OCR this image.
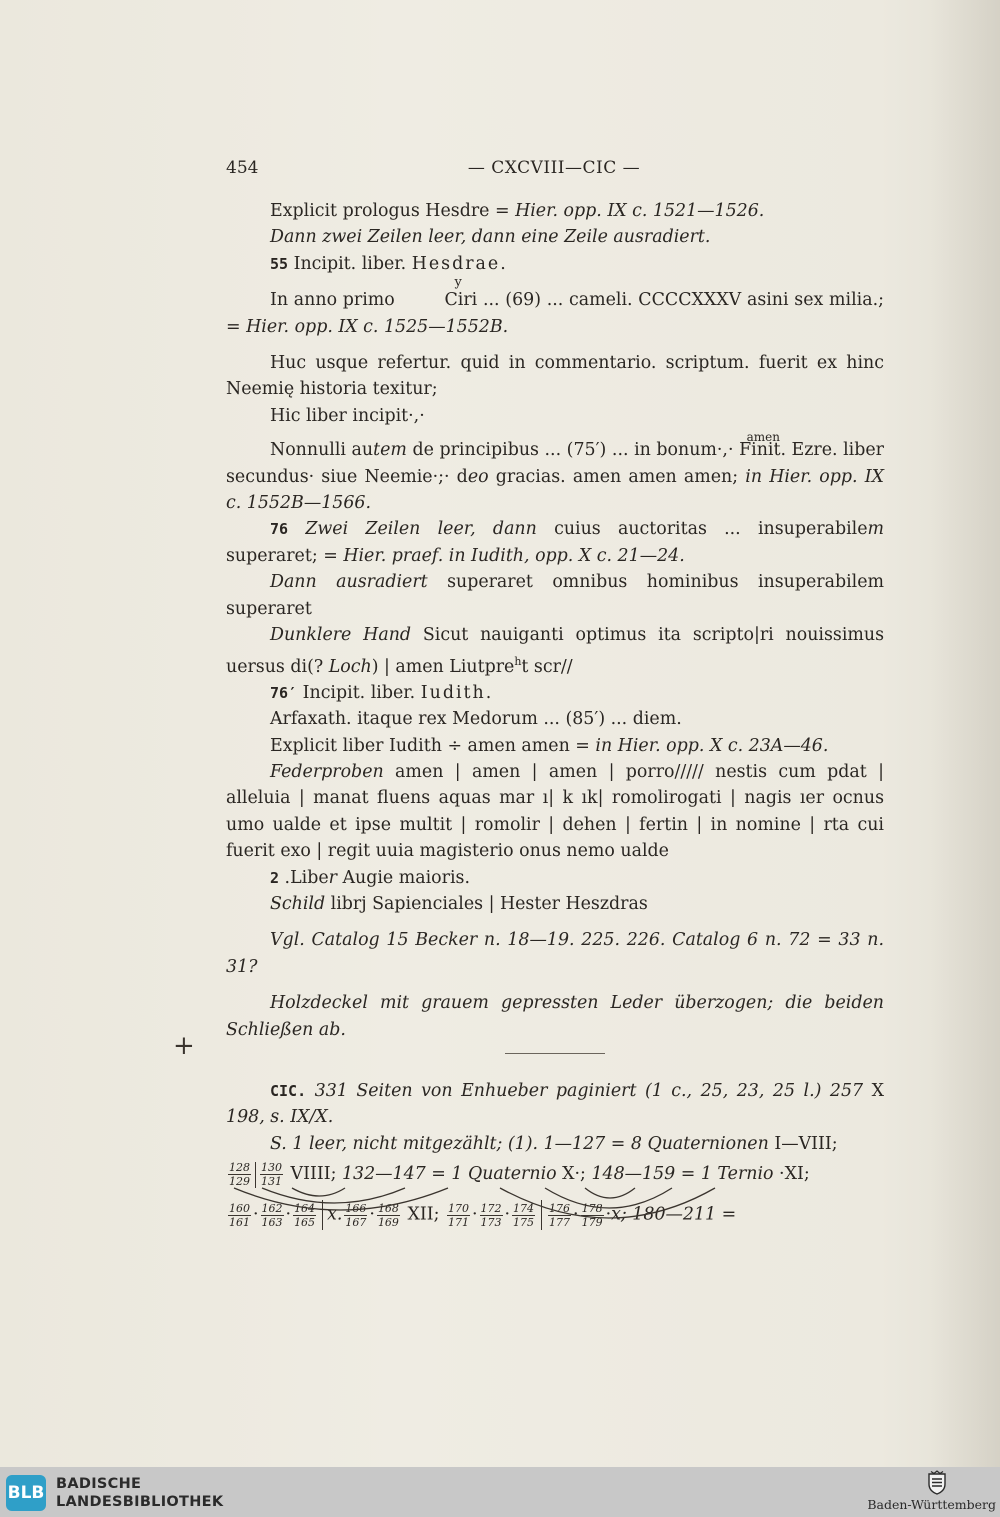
454	— CXCVIII—CIC —
+

Explicit prologus Hesdre = Hier. opp. IX c. 1521—1526.

Dann zwei Zeilen leer, dann eine Zeile ausradiert.

55 Incipit. liber. Hesdrae.

In anno primo
y
Ciri ... (69) ... cameli. CCCCXXXV asini sex milia.; = Hier. opp. IX c. 1525—1552B.

Huc usque refertur. quid in commentario. scriptum. fuerit ex hinc Neemię historia texitur;

Hic liber incipit·,·

amen

Nonnulli autem de principibus ... (75′) ... in bonum·,· Finit. Ezre. liber secundus· siue Neemie·;· deo gracias. amen amen amen; in Hier. opp. IX c. 1552B—1566.

76 Zwei Zeilen leer, dann cuius auctoritas ... insuperabilem superaret; = Hier. praef. in Iudith, opp. X c. 21—24.

Dann ausradiert superaret omnibus hominibus insuperabilem superaret

Dunklere Hand Sicut nauiganti optimus ita scripto|ri nouissimus uersus di(? Loch) | amen Liutpre$^h$t scr//

76′ Incipit. liber. Iudith.

Arfaxath. itaque rex Medorum ... (85′) ... diem.

Explicit liber Iudith ÷ amen amen = in Hier. opp. X c. 23A—46.

Federproben amen | amen | amen | porro///// nestis cum pdat | alleluia | manat fluens aquas mar ı| k ık| romolirogati | nagis ıer ocnus umo ualde et ipse multit | romolir | dehen | fertin | in nomine | rta cui fuerit exo | regit uuia magisterio onus nemo ualde

2 .Liber Augie maioris.

Schild librj Sapienciales | Hester Heszdras

Vgl. Catalog 15 Becker n. 18—19. 225. 226. Catalog 6 n. 72 = 33 n. 31?

Holzdeckel mit grauem gepressten Leder überzogen; die beiden Schließen ab.

CIC. 331 Seiten von Enhueber paginiert (1 c., 25, 23, 25 l.) 257 X 198, s. IX/X.

S. 1 leer, nicht mitgezählt; (1). 1—127 = 8 Quaternionen I—VIII;

$\frac{128}{129} \frac{130}{131}$ VIIII; 132—147 = 1 Quaternio X·; 148—159 = 1 Ternio ·XI;

$\frac{160}{161} \cdot \frac{162}{163} \cdot \frac{164}{165} x$. $\frac{166}{167} \cdot \frac{168}{169}$ XII; $\frac{170}{171} \cdot \frac{172}{173} \cdot \frac{174}{175} \frac{176}{177} \cdot \frac{178}{179} \cdot x$; 180—211 =

BLB BADISCHE
LANDESBIBLIOTHEK	Baden-Württemberg
